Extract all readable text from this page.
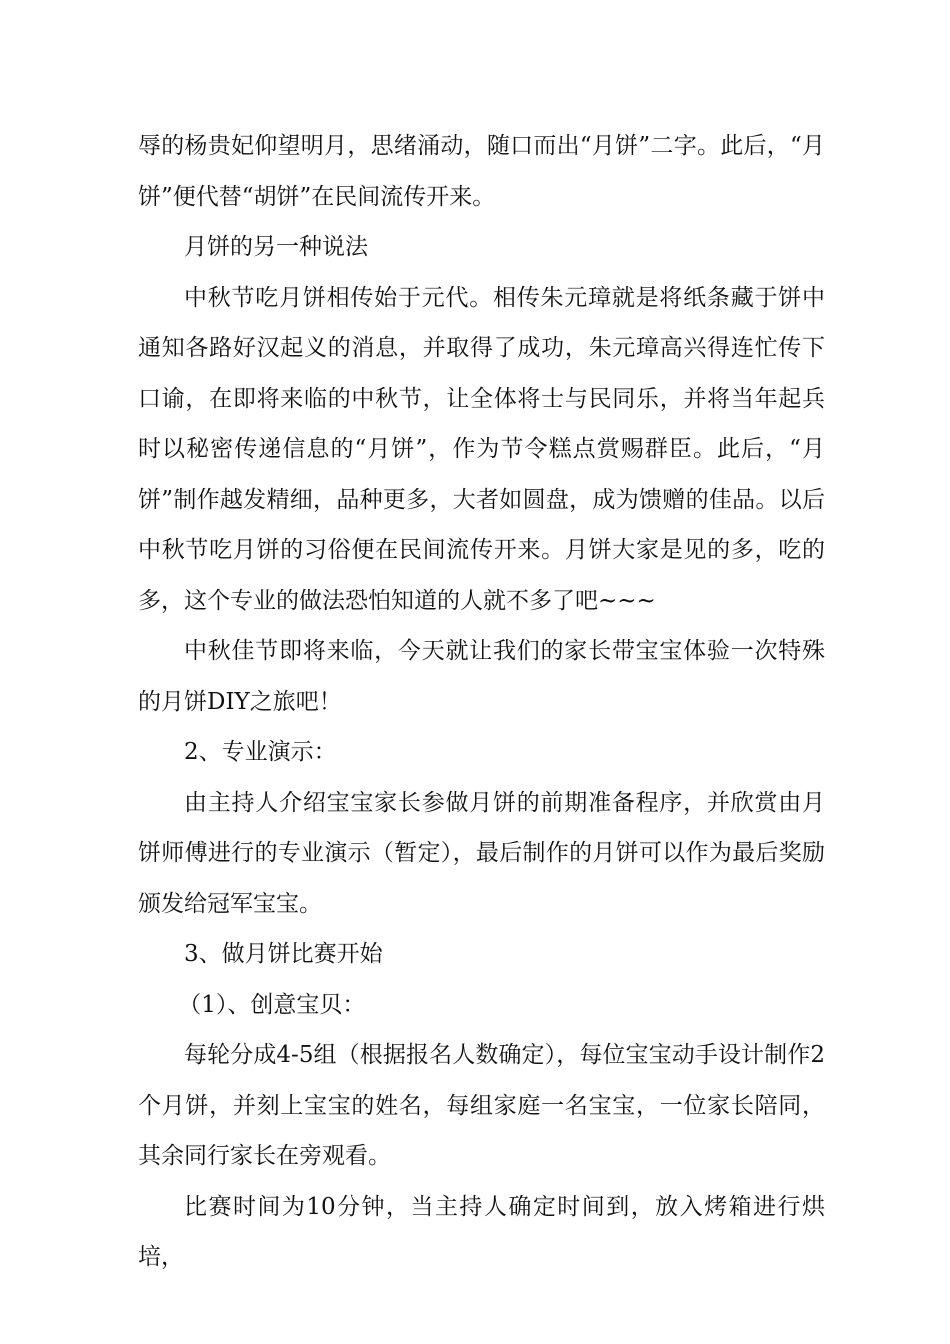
辱的杨贵妃仰望明月，思绪涌动，随口而出“月饼”二字。此后，“月饼”便代替“胡饼”在民间流传开来。

月饼的另一种说法

中秋节吃月饼相传始于元代。相传朱元璋就是将纸条藏于饼中通知各路好汉起义的消息，并取得了成功，朱元璋高兴得连忙传下口谕，在即将来临的中秋节，让全体将士与民同乐，并将当年起兵时以秘密传递信息的“月饼”，作为节令糕点赏赐群臣。此后，“月饼”制作越发精细，品种更多，大者如圆盘，成为馈赠的佳品。以后中秋节吃月饼的习俗便在民间流传开来。月饼大家是见的多，吃的多，这个专业的做法恐怕知道的人就不多了吧~~~

中秋佳节即将来临，今天就让我们的家长带宝宝体验一次特殊的月饼DIY之旅吧！

2、专业演示：

由主持人介绍宝宝家长参做月饼的前期准备程序，并欣赏由月饼师傅进行的专业演示（暂定），最后制作的月饼可以作为最后奖励颁发给冠军宝宝。

3、做月饼比赛开始

（1）、创意宝贝：

每轮分成4-5组（根据报名人数确定），每位宝宝动手设计制作2个月饼，并刻上宝宝的姓名，每组家庭一名宝宝，一位家长陪同，其余同行家长在旁观看。

比赛时间为10分钟，当主持人确定时间到，放入烤箱进行烘培，
